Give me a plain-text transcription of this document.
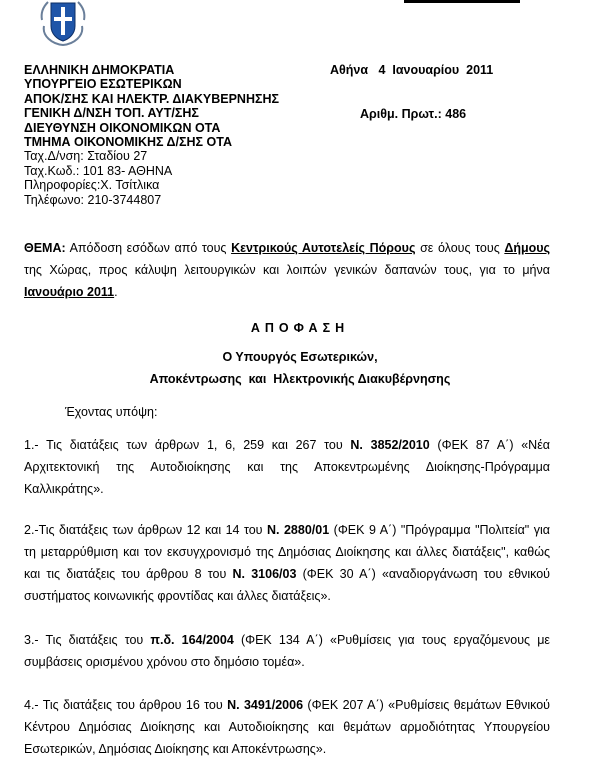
ΕΛΛΗΝΙΚΗ ΔΗΜΟΚΡΑΤΙΑ
ΥΠΟΥΡΓΕΙΟ ΕΣΩΤΕΡΙΚΩΝ
ΑΠΟΚ/ΣΗΣ ΚΑΙ ΗΛΕΚΤΡ. ΔΙΑΚΥΒΕΡΝΗΣΗΣ
ΓΕΝΙΚΗ Δ/ΝΣΗ ΤΟΠ. ΑΥΤ/ΣΗΣ
ΔΙΕΥΘΥΝΣΗ ΟΙΚΟΝΟΜΙΚΩΝ ΟΤΑ
ΤΜΗΜΑ ΟΙΚΟΝΟΜΙΚΗΣ Δ/ΣΗΣ ΟΤΑ
Ταχ.Δ/νση: Σταδίου 27
Ταχ.Κωδ.: 101 83- ΑΘΗΝΑ
Πληροφορίες:Χ. Τσίτλικα
Τηλέφωνο: 210-3744807
Αθήνα   4  Ιανουαρίου  2011
Αριθμ. Πρωτ.: 486
ΘΕΜΑ: Απόδοση εσόδων από τους Κεντρικούς Αυτοτελείς Πόρους σε όλους τους Δήμους της Χώρας, προς κάλυψη λειτουργικών και λοιπών γενικών δαπανών τους, για το μήνα Ιανουάριο 2011.
ΑΠΟΦΑΣΗ
Ο Υπουργός Εσωτερικών,
Αποκέντρωσης  και  Ηλεκτρονικής Διακυβέρνησης
Έχοντας υπόψη:
1.- Τις διατάξεις των άρθρων 1, 6, 259 και 267 του Ν. 3852/2010 (ΦΕΚ 87 Α΄) «Νέα Αρχιτεκτονική της Αυτοδιοίκησης και της Αποκεντρωμένης Διοίκησης-Πρόγραμμα Καλλικράτης».
2.-Τις διατάξεις των άρθρων 12 και 14 του Ν. 2880/01 (ΦΕΚ 9 Α΄) "Πρόγραμμα "Πολιτεία" για τη μεταρρύθμιση και τον εκσυγχρονισμό της Δημόσιας Διοίκησης και άλλες διατάξεις", καθώς και τις διατάξεις του άρθρου 8 του Ν. 3106/03 (ΦΕΚ 30 Α΄) «αναδιοργάνωση του εθνικού συστήματος κοινωνικής φροντίδας και άλλες διατάξεις».
3.- Τις διατάξεις του π.δ. 164/2004 (ΦΕΚ 134 Α΄) «Ρυθμίσεις για τους εργαζόμενους με συμβάσεις ορισμένου χρόνου στο δημόσιο τομέα».
4.- Τις διατάξεις του άρθρου 16 του Ν. 3491/2006 (ΦΕΚ 207 Α΄) «Ρυθμίσεις θεμάτων Εθνικού Κέντρου Δημόσιας Διοίκησης και Αυτοδιοίκησης και θεμάτων αρμοδιότητας Υπουργείου Εσωτερικών, Δημόσιας Διοίκησης και Αποκέντρωσης».
